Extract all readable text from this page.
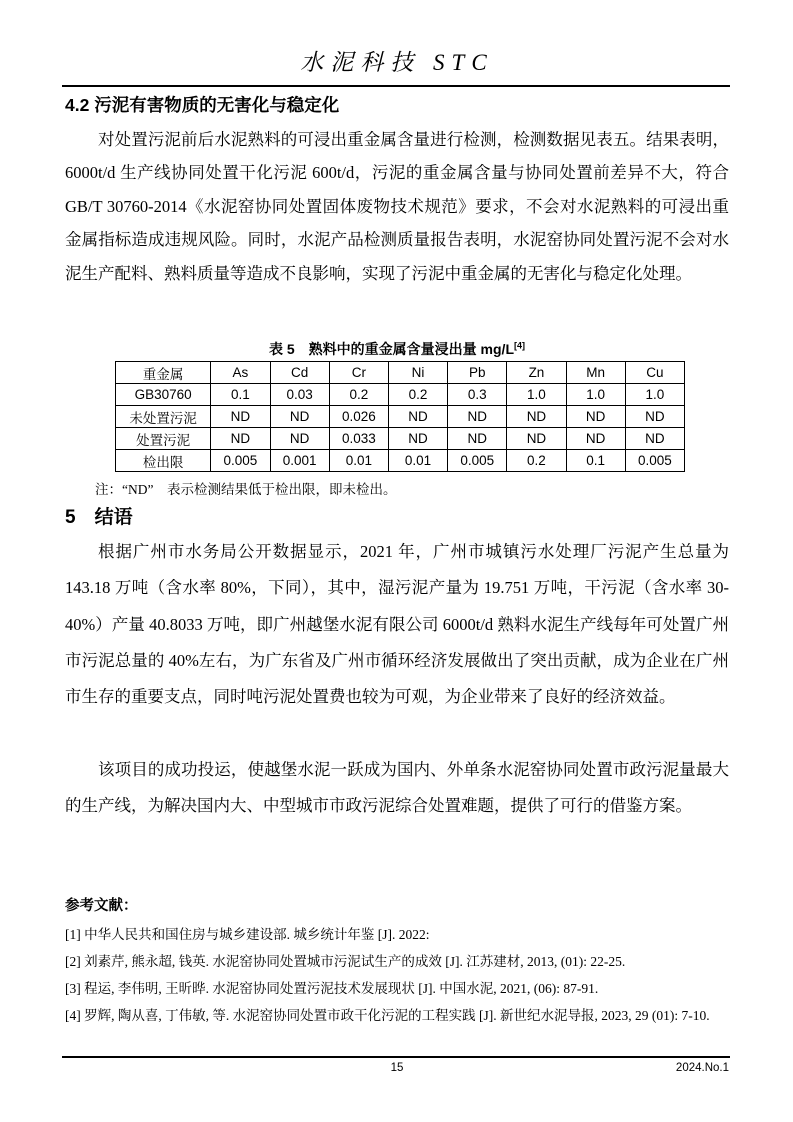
水泥科技 STC
4.2 污泥有害物质的无害化与稳定化
对处置污泥前后水泥熟料的可浸出重金属含量进行检测，检测数据见表五。结果表明，6000t/d 生产线协同处置干化污泥 600t/d，污泥的重金属含量与协同处置前差异不大，符合 GB/T 30760-2014《水泥窑协同处置固体废物技术规范》要求，不会对水泥熟料的可浸出重金属指标造成违规风险。同时，水泥产品检测质量报告表明，水泥窑协同处置污泥不会对水泥生产配料、熟料质量等造成不良影响，实现了污泥中重金属的无害化与稳定化处理。
表 5　熟料中的重金属含量浸出量 mg/L[4]
重金属	As	Cd	Cr	Ni	Pb	Zn	Mn	Cu
GB30760	0.1	0.03	0.2	0.2	0.3	1.0	1.0	1.0
未处置污泥	ND	ND	0.026	ND	ND	ND	ND	ND
处置污泥	ND	ND	0.033	ND	ND	ND	ND	ND
检出限	0.005	0.001	0.01	0.01	0.005	0.2	0.1	0.005
注：“ND”　表示检测结果低于检出限，即未检出。
5　结语
根据广州市水务局公开数据显示，2021 年，广州市城镇污水处理厂污泥产生总量为 143.18 万吨（含水率 80%，下同），其中，湿污泥产量为 19.751 万吨，干污泥（含水率 30-40%）产量 40.8033 万吨，即广州越堡水泥有限公司 6000t/d 熟料水泥生产线每年可处置广州市污泥总量的 40%左右，为广东省及广州市循环经济发展做出了突出贡献，成为企业在广州市生存的重要支点，同时吨污泥处置费也较为可观，为企业带来了良好的经济效益。
该项目的成功投运，使越堡水泥一跃成为国内、外单条水泥窑协同处置市政污泥量最大的生产线，为解决国内大、中型城市市政污泥综合处置难题，提供了可行的借鉴方案。
参考文献：
[1] 中华人民共和国住房与城乡建设部. 城乡统计年鉴 [J]. 2022:
[2] 刘素芹, 熊永超, 钱英. 水泥窑协同处置城市污泥试生产的成效 [J]. 江苏建材, 2013, (01): 22-25.
[3] 程运, 李伟明, 王昕晔. 水泥窑协同处置污泥技术发展现状 [J]. 中国水泥, 2021, (06): 87-91.
[4] 罗辉, 陶从喜, 丁伟敏, 等. 水泥窑协同处置市政干化污泥的工程实践 [J]. 新世纪水泥导报, 2023, 29 (01): 7-10.
15	2024.No.1
